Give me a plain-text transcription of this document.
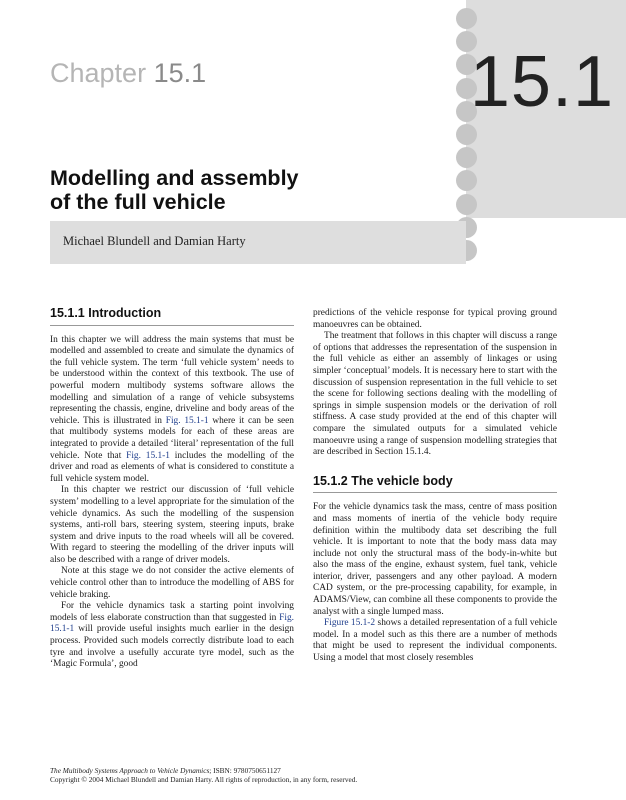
15.1
Chapter 15.1
Modelling and assembly
of the full vehicle
Michael Blundell and Damian Harty
15.1.1 Introduction

In this chapter we will address the main systems that must be modelled and assembled to create and simulate the dynamics of the full vehicle system. The term ‘full vehicle system’ needs to be understood within the context of this textbook. The use of powerful modern multibody systems software allows the modelling and simulation of a range of vehicle subsystems representing the chassis, engine, driveline and body areas of the vehicle. This is illustrated in Fig. 15.1-1 where it can be seen that multibody systems models for each of these areas are integrated to provide a detailed ‘literal’ representation of the full vehicle. Note that Fig. 15.1-1 includes the modelling of the driver and road as elements of what is considered to constitute a full vehicle system model.

In this chapter we restrict our discussion of ‘full vehicle system’ modelling to a level appropriate for the simulation of the vehicle dynamics. As such the modelling of the suspension systems, anti-roll bars, steering system, steering inputs, brake system and drive inputs to the road wheels will all be covered. With regard to steering the modelling of the driver inputs will also be described with a range of driver models.

Note at this stage we do not consider the active elements of vehicle control other than to introduce the modelling of ABS for vehicle braking.

For the vehicle dynamics task a starting point involving models of less elaborate construction than that suggested in Fig. 15.1-1 will provide useful insights much earlier in the design process. Provided such models correctly distribute load to each tyre and involve a usefully accurate tyre model, such as the ‘Magic Formula’, good

predictions of the vehicle response for typical proving ground manoeuvres can be obtained.

The treatment that follows in this chapter will discuss a range of options that addresses the representation of the suspension in the full vehicle as either an assembly of linkages or using simpler ‘conceptual’ models. It is necessary here to start with the discussion of suspension representation in the full vehicle to set the scene for following sections dealing with the modelling of springs in simple suspension models or the derivation of roll stiffness. A case study provided at the end of this chapter will compare the simulated outputs for a simulated vehicle manoeuvre using a range of suspension modelling strategies that are described in Section 15.1.4.

15.1.2 The vehicle body

For the vehicle dynamics task the mass, centre of mass position and mass moments of inertia of the vehicle body require definition within the multibody data set describing the full vehicle. It is important to note that the body mass data may include not only the structural mass of the body-in-white but also the mass of the engine, exhaust system, fuel tank, vehicle interior, driver, passengers and any other payload. A modern CAD system, or the pre-processing capability, for example, in ADAMS/View, can combine all these components to provide the analyst with a single lumped mass.

Figure 15.1-2 shows a detailed representation of a full vehicle model. In a model such as this there are a number of methods that might be used to represent the individual components. Using a model that most closely resembles

The Multibody Systems Approach to Vehicle Dynamics; ISBN: 9780750651127
Copyright © 2004 Michael Blundell and Damian Harty. All rights of reproduction, in any form, reserved.
